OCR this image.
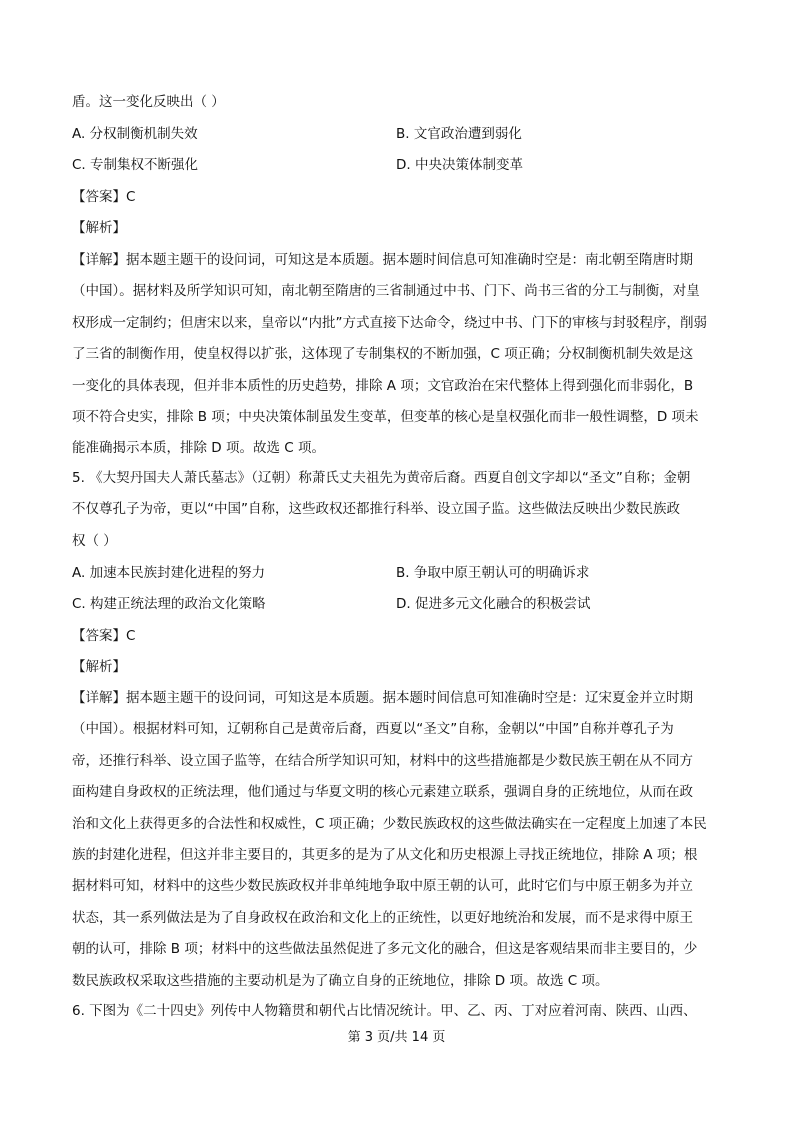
盾。这一变化反映出（ ）
A. 分权制衡机制失效	B. 文官政治遭到弱化
C. 专制集权不断强化	D. 中央决策体制变革
【答案】C
【解析】
【详解】据本题主题干的设问词，可知这是本质题。据本题时间信息可知准确时空是：南北朝至隋唐时期
（中国）。据材料及所学知识可知，南北朝至隋唐的三省制通过中书、门下、尚书三省的分工与制衡，对皇
权形成一定制约；但唐宋以来，皇帝以“内批”方式直接下达命令，绕过中书、门下的审核与封驳程序，削弱
了三省的制衡作用，使皇权得以扩张，这体现了专制集权的不断加强，C 项正确；分权制衡机制失效是这
一变化的具体表现，但并非本质性的历史趋势，排除 A 项；文官政治在宋代整体上得到强化而非弱化，B
项不符合史实，排除 B 项；中央决策体制虽发生变革，但变革的核心是皇权强化而非一般性调整，D 项未
能准确揭示本质，排除 D 项。故选 C 项。
5. 《大契丹国夫人萧氏墓志》（辽朝）称萧氏丈夫祖先为黄帝后裔。西夏自创文字却以“圣文”自称；金朝
不仅尊孔子为帝，更以“中国”自称，这些政权还都推行科举、设立国子监。这些做法反映出少数民族政
权（ ）
A. 加速本民族封建化进程的努力	B. 争取中原王朝认可的明确诉求
C. 构建正统法理的政治文化策略	D. 促进多元文化融合的积极尝试
【答案】C
【解析】
【详解】据本题主题干的设问词，可知这是本质题。据本题时间信息可知准确时空是：辽宋夏金并立时期
（中国）。根据材料可知，辽朝称自己是黄帝后裔，西夏以“圣文”自称，金朝以“中国”自称并尊孔子为
帝，还推行科举、设立国子监等，在结合所学知识可知，材料中的这些措施都是少数民族王朝在从不同方
面构建自身政权的正统法理，他们通过与华夏文明的核心元素建立联系，强调自身的正统地位，从而在政
治和文化上获得更多的合法性和权威性，C 项正确；少数民族政权的这些做法确实在一定程度上加速了本民
族的封建化进程，但这并非主要目的，其更多的是为了从文化和历史根源上寻找正统地位，排除 A 项；根
据材料可知，材料中的这些少数民族政权并非单纯地争取中原王朝的认可，此时它们与中原王朝多为并立
状态，其一系列做法是为了自身政权在政治和文化上的正统性，以更好地统治和发展，而不是求得中原王
朝的认可，排除 B 项；材料中的这些做法虽然促进了多元文化的融合，但这是客观结果而非主要目的，少
数民族政权采取这些措施的主要动机是为了确立自身的正统地位，排除 D 项。故选 C 项。
6. 下图为《二十四史》列传中人物籍贯和朝代占比情况统计。甲、乙、丙、丁对应着河南、陕西、山西、
第 3 页/共 14 页
